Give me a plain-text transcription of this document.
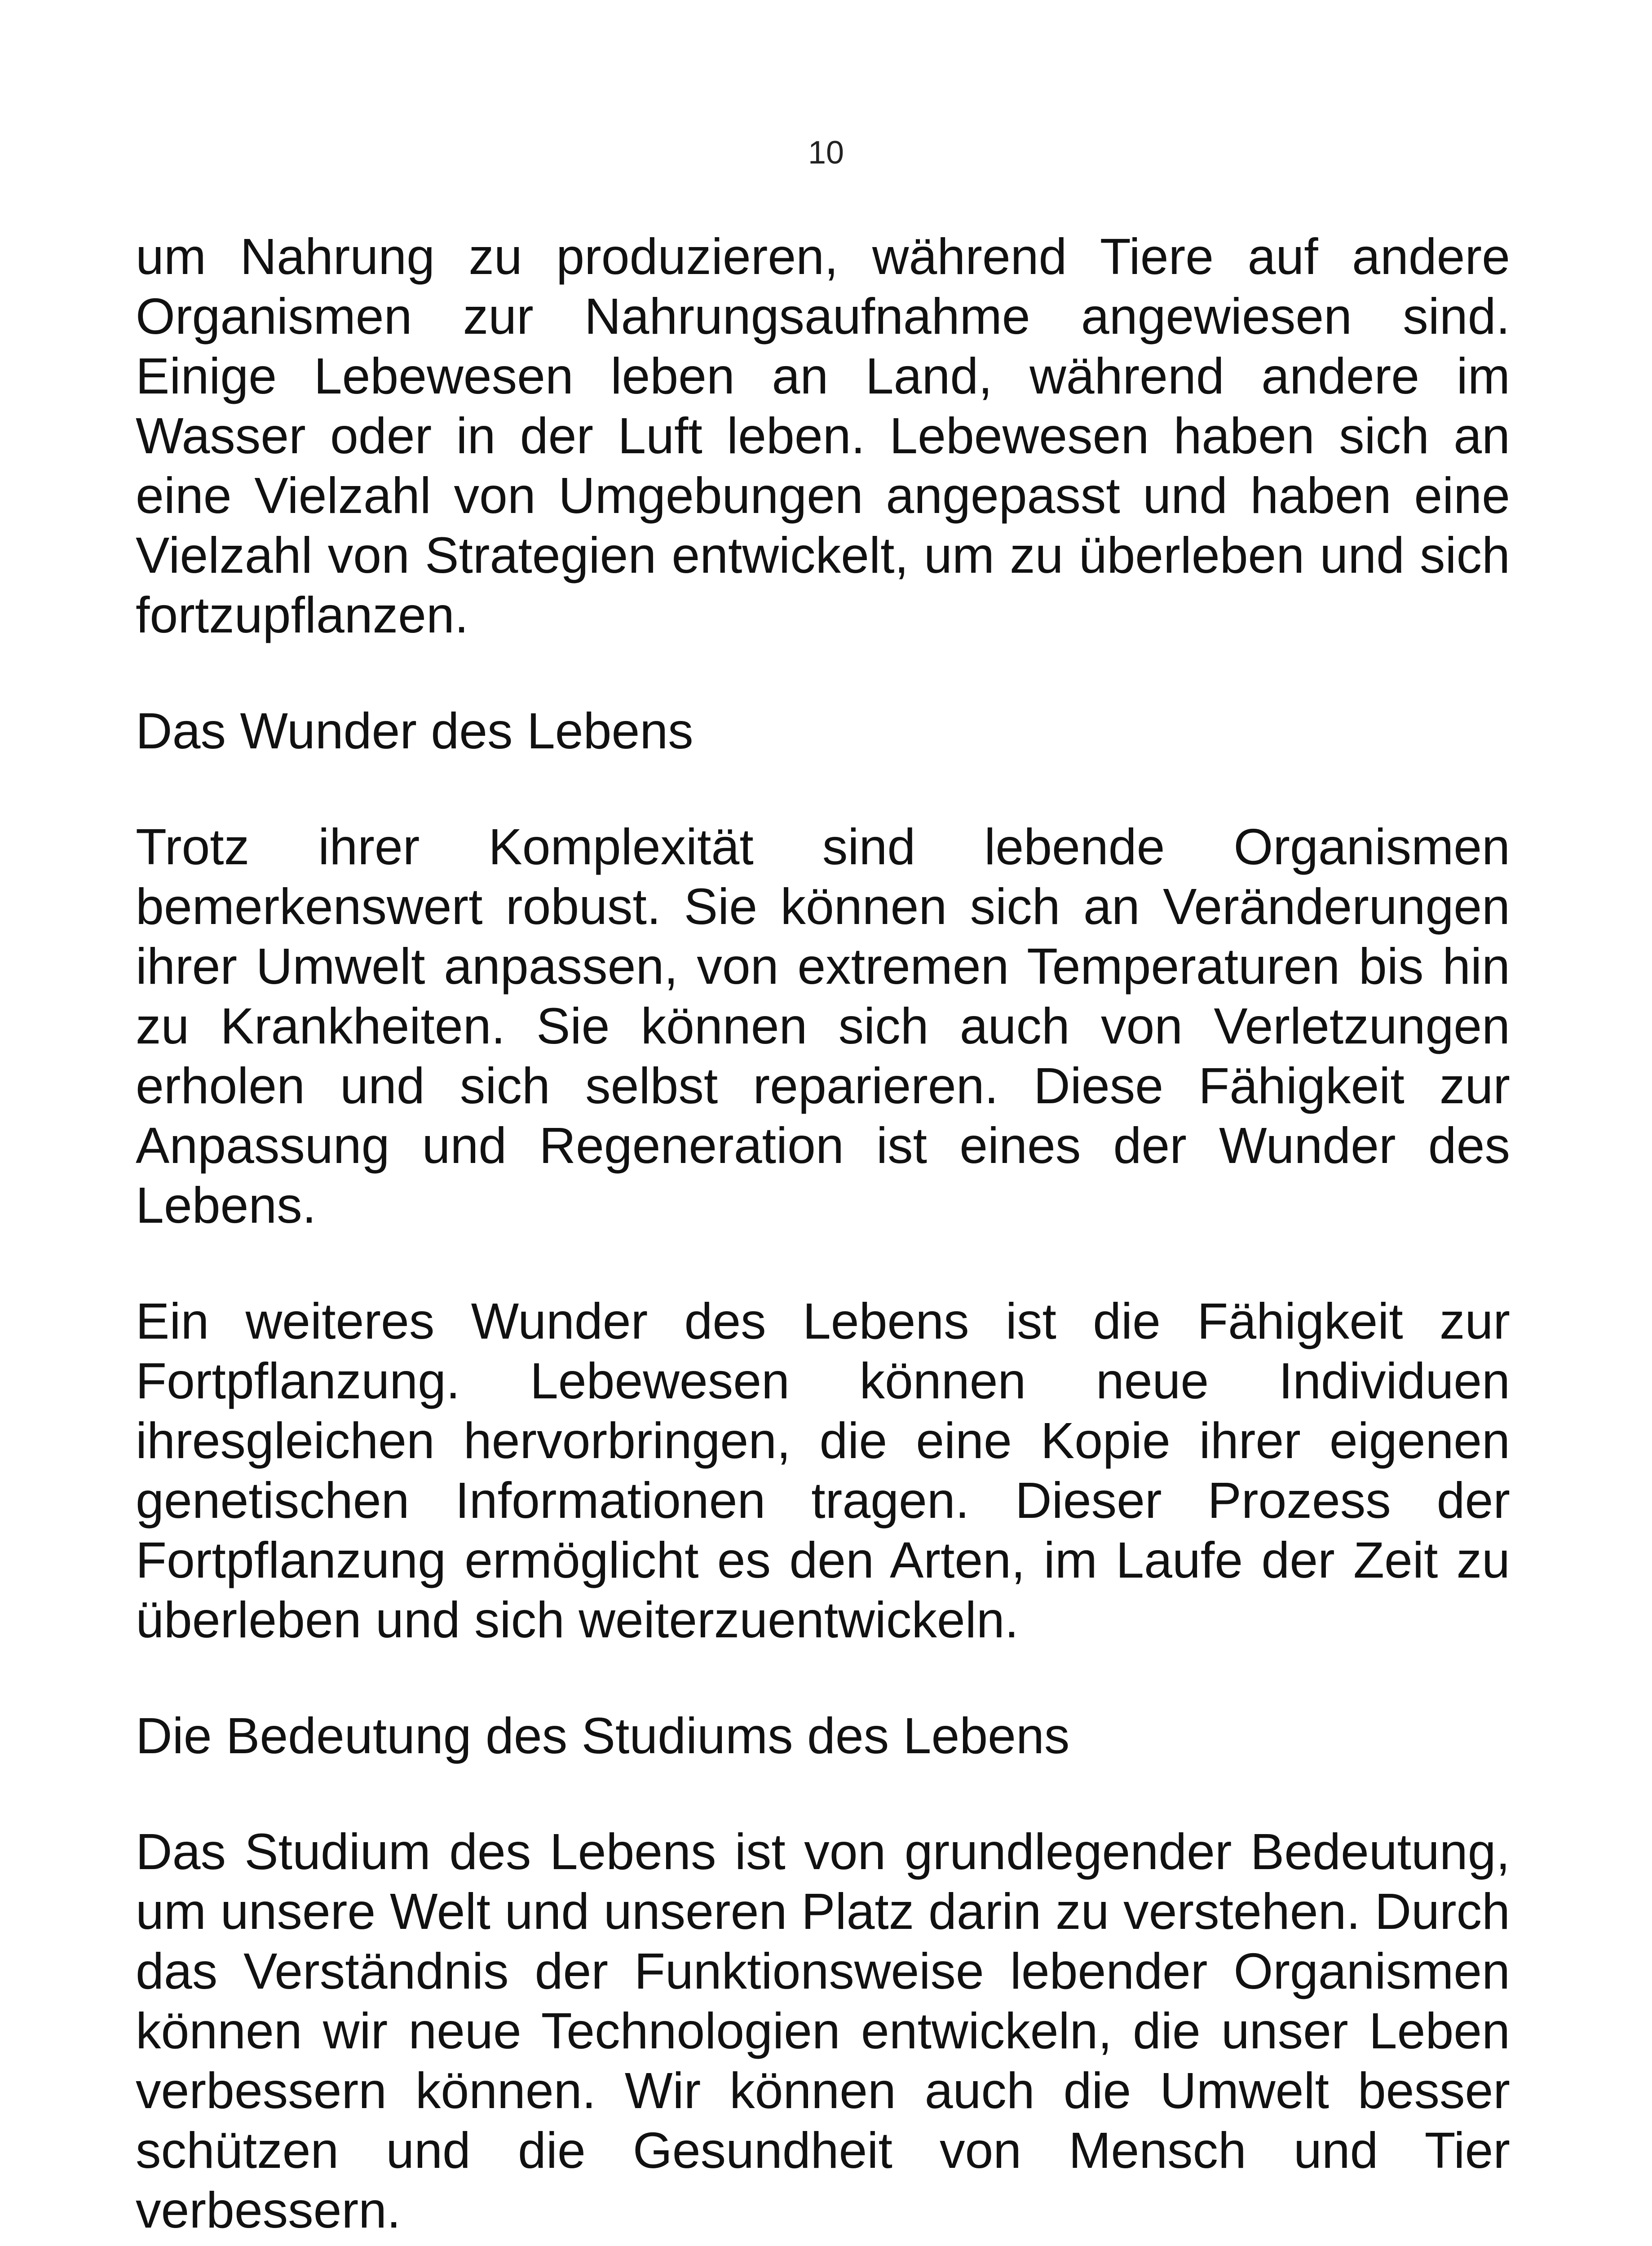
10

um Nahrung zu produzieren, während Tiere auf andere Organismen zur Nahrungsaufnahme angewiesen sind. Einige Lebewesen leben an Land, während andere im Wasser oder in der Luft leben. Lebewesen haben sich an eine Vielzahl von Umgebungen angepasst und haben eine Vielzahl von Strategien entwickelt, um zu überleben und sich fortzupflanzen.

Das Wunder des Lebens

Trotz ihrer Komplexität sind lebende Organismen bemerkenswert robust. Sie können sich an Veränderungen ihrer Umwelt anpassen, von extremen Temperaturen bis hin zu Krankheiten. Sie können sich auch von Verletzungen erholen und sich selbst reparieren. Diese Fähigkeit zur Anpassung und Regeneration ist eines der Wunder des Lebens.

Ein weiteres Wunder des Lebens ist die Fähigkeit zur Fortpflanzung. Lebewesen können neue Individuen ihresgleichen hervorbringen, die eine Kopie ihrer eigenen genetischen Informationen tragen. Dieser Prozess der Fortpflanzung ermöglicht es den Arten, im Laufe der Zeit zu überleben und sich weiterzuentwickeln.

Die Bedeutung des Studiums des Lebens

Das Studium des Lebens ist von grundlegender Bedeutung, um unsere Welt und unseren Platz darin zu verstehen. Durch das Verständnis der Funktionsweise lebender Organismen können wir neue Technologien entwickeln, die unser Leben verbessern können. Wir können auch die Umwelt besser schützen und die Gesundheit von Mensch und Tier verbessern.
